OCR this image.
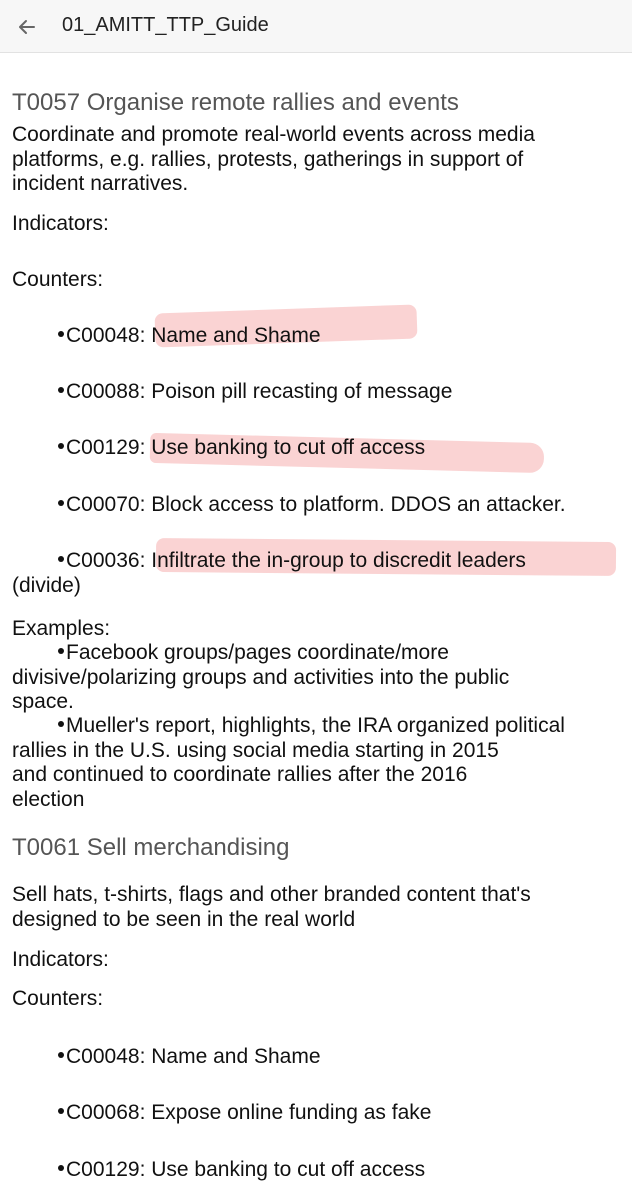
T0057 Organise remote rallies and events

Coordinate and promote real-world events across media

platforms, e.g. rallies, protests, gatherings in support of

incident narratives.

Indicators:

Counters:

C00048: Name and Shame

C00088: Poison pill recasting of message

C00129: Use banking to cut off access

C00070: Block access to platform. DDOS an attacker.

C00036: Infiltrate the in-group to discredit leaders

(divide)

Examples:

Facebook groups/pages coordinate/more
divisive/polarizing groups and activities into the public
space.
Mueller's report, highlights, the IRA organized political
rallies in the U.S. using social media starting in 2015
and continued to coordinate rallies after the 2016
election
T0061 Sell merchandising

Sell hats, t-shirts, flags and other branded content that's

designed to be seen in the real world

Indicators:

Counters:

C00048: Name and Shame

C00068: Expose online funding as fake

C00129: Use banking to cut off access

01_AMITT_TTP_Guide
